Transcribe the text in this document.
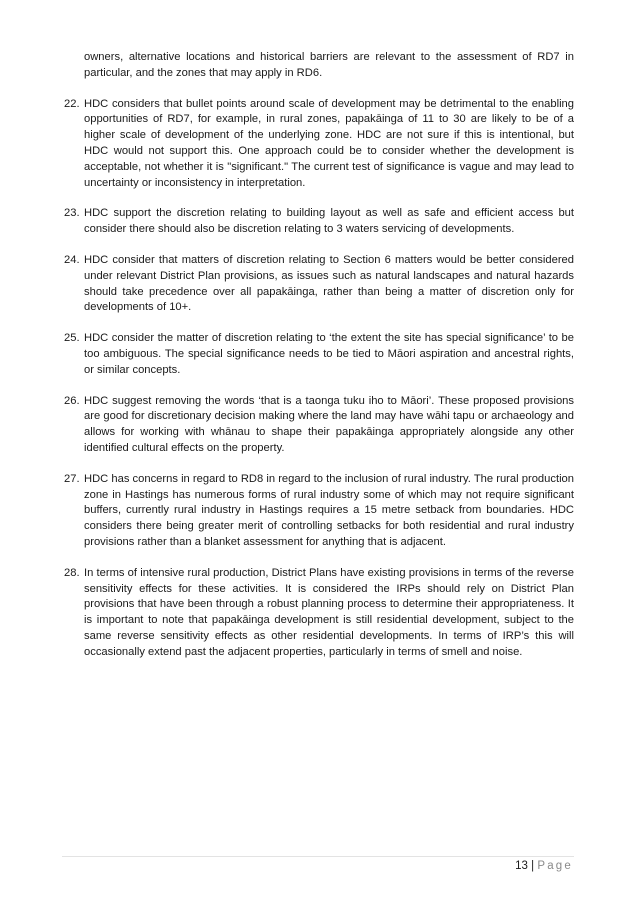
owners, alternative locations and historical barriers are relevant to the assessment of RD7 in particular, and the zones that may apply in RD6.

22. HDC considers that bullet points around scale of development may be detrimental to the enabling opportunities of RD7, for example, in rural zones, papakāinga of 11 to 30 are likely to be of a higher scale of development of the underlying zone. HDC are not sure if this is intentional, but HDC would not support this. One approach could be to consider whether the development is acceptable, not whether it is "significant." The current test of significance is vague and may lead to uncertainty or inconsistency in interpretation.
23. HDC support the discretion relating to building layout as well as safe and efficient access but consider there should also be discretion relating to 3 waters servicing of developments.
24. HDC consider that matters of discretion relating to Section 6 matters would be better considered under relevant District Plan provisions, as issues such as natural landscapes and natural hazards should take precedence over all papakāinga, rather than being a matter of discretion only for developments of 10+.
25. HDC consider the matter of discretion relating to ‘the extent the site has special significance’ to be too ambiguous. The special significance needs to be tied to Māori aspiration and ancestral rights, or similar concepts.
26. HDC suggest removing the words ‘that is a taonga tuku iho to Māori’. These proposed provisions are good for discretionary decision making where the land may have wāhi tapu or archaeology and allows for working with whānau to shape their papakāinga appropriately alongside any other identified cultural effects on the property.
27. HDC has concerns in regard to RD8 in regard to the inclusion of rural industry. The rural production zone in Hastings has numerous forms of rural industry some of which may not require significant buffers, currently rural industry in Hastings requires a 15 metre setback from boundaries. HDC considers there being greater merit of controlling setbacks for both residential and rural industry provisions rather than a blanket assessment for anything that is adjacent.
28. In terms of intensive rural production, District Plans have existing provisions in terms of the reverse sensitivity effects for these activities. It is considered the IRPs should rely on District Plan provisions that have been through a robust planning process to determine their appropriateness. It is important to note that papakāinga development is still residential development, subject to the same reverse sensitivity effects as other residential developments. In terms of IRP’s this will occasionally extend past the adjacent properties, particularly in terms of smell and noise.
13 | Page
